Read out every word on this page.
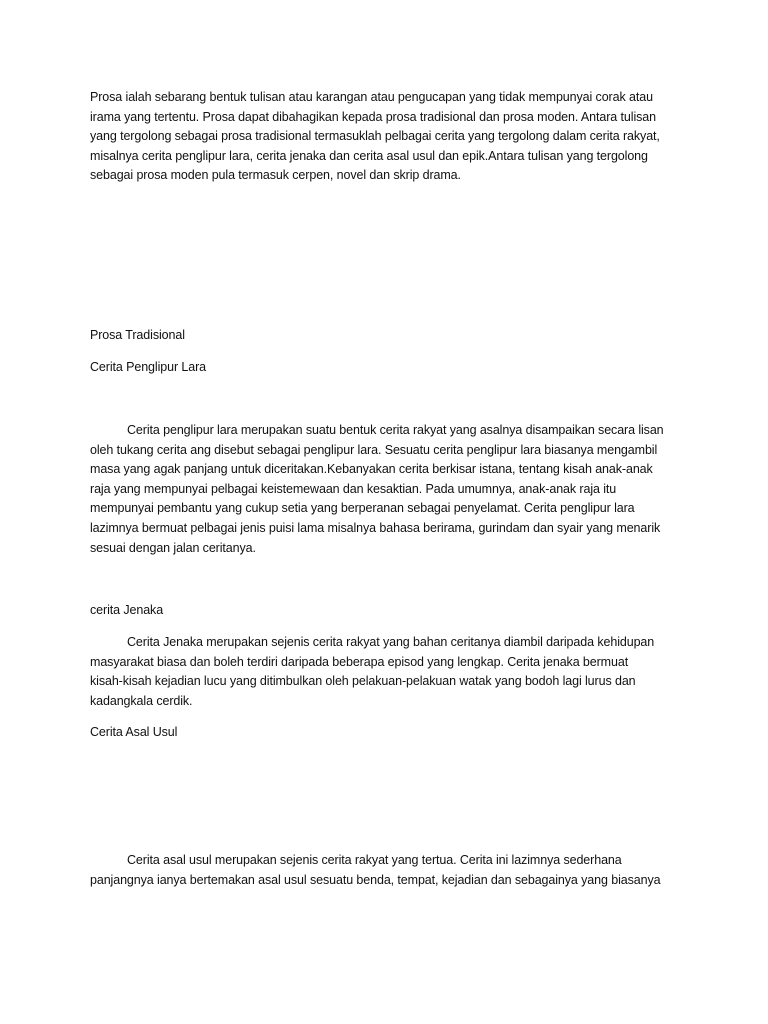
Prosa ialah sebarang bentuk tulisan atau karangan atau pengucapan yang tidak mempunyai corak atau
irama yang tertentu. Prosa dapat dibahagikan kepada prosa tradisional dan prosa moden. Antara tulisan
yang tergolong sebagai prosa tradisional termasuklah pelbagai cerita yang tergolong dalam cerita rakyat,
misalnya cerita penglipur lara, cerita jenaka dan cerita asal usul dan epik.Antara tulisan yang tergolong
sebagai prosa moden pula termasuk cerpen, novel dan skrip drama.
Prosa Tradisional
Cerita Penglipur Lara
Cerita penglipur lara merupakan suatu bentuk cerita rakyat yang asalnya disampaikan secara lisan
oleh tukang cerita ang disebut sebagai penglipur lara. Sesuatu cerita penglipur lara biasanya mengambil
masa yang agak panjang untuk diceritakan.Kebanyakan cerita berkisar istana, tentang kisah anak-anak
raja yang mempunyai pelbagai keistemewaan dan kesaktian. Pada umumnya, anak-anak raja itu
mempunyai pembantu yang cukup setia yang berperanan sebagai penyelamat. Cerita penglipur lara
lazimnya bermuat pelbagai jenis puisi lama misalnya bahasa berirama, gurindam dan syair yang menarik
sesuai dengan jalan ceritanya.
cerita Jenaka
Cerita Jenaka merupakan sejenis cerita rakyat yang bahan ceritanya diambil daripada kehidupan
masyarakat biasa dan boleh terdiri daripada beberapa episod yang lengkap. Cerita jenaka bermuat
kisah-kisah kejadian lucu yang ditimbulkan oleh pelakuan-pelakuan watak yang bodoh lagi lurus dan
kadangkala cerdik.
Cerita Asal Usul
Cerita asal usul merupakan sejenis cerita rakyat yang tertua. Cerita ini lazimnya sederhana
panjangnya ianya bertemakan asal usul sesuatu benda, tempat, kejadian dan sebagainya yang biasanya
